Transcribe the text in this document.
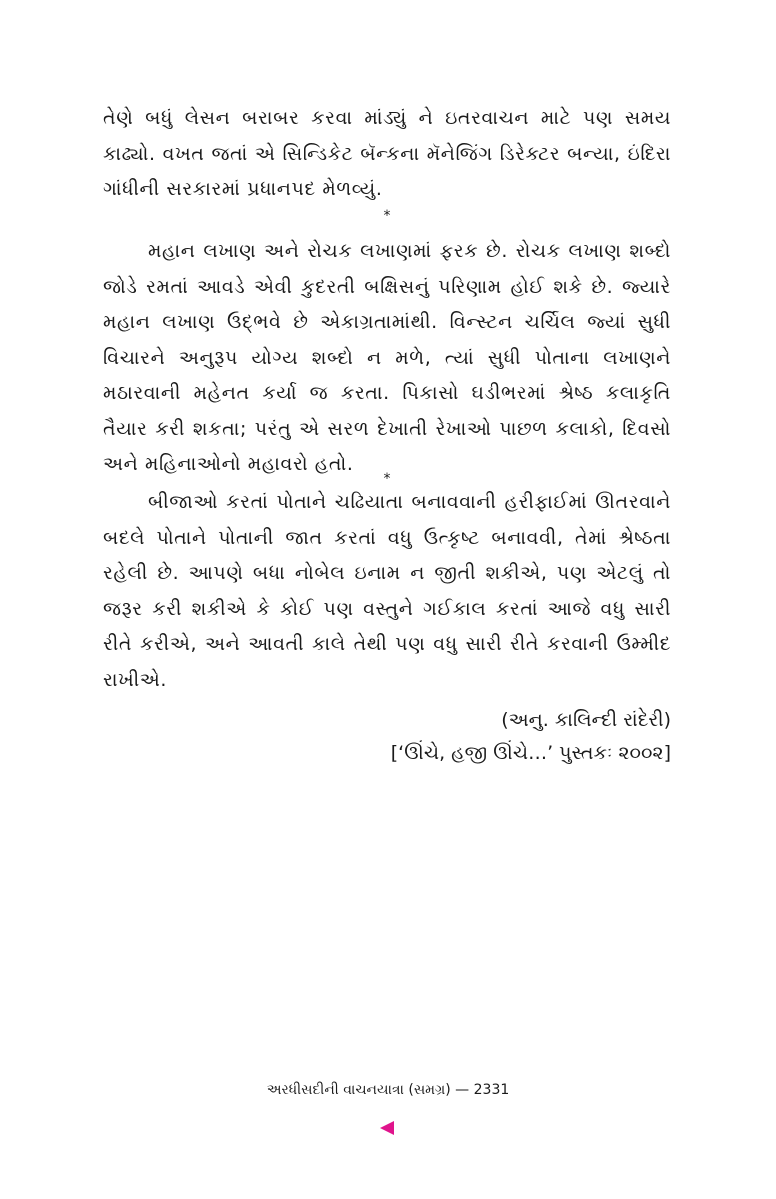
તેણે બધું લેસન બરાબર કરવા માંડ્યું ને ઇતરવાચન માટે પણ સમય કાઢ્યો. વખત જતાં એ સિન્ડિકેટ બૅન્કના મૅનેજિંગ ડિરેક્ટર બન્યા, ઇંદિરા ગાંધીની સરકારમાં પ્રધાનપદ મેળવ્યું.

*

મહાન લખાણ અને રોચક લખાણમાં ફરક છે. રોચક લખાણ શબ્દો જોડે રમતાં આવડે એવી કુદરતી બક્ષિસનું પરિણામ હોઈ શકે છે. જ્યારે મહાન લખાણ ઉદ્ભવે છે એકાગ્રતામાંથી. વિન્સ્ટન ચર્ચિલ જ્યાં સુધી વિચારને અનુરૂપ યોગ્ય શબ્દો ન મળે, ત્યાં સુધી પોતાના લખાણને મઠારવાની મહેનત કર્યા જ કરતા. પિકાસો ઘડીભરમાં શ્રેષ્ઠ કલાકૃતિ તૈયાર કરી શકતા; પરંતુ એ સરળ દેખાતી રેખાઓ પાછળ કલાકો, દિવસો અને મહિનાઓનો મહાવરો હતો.

*

બીજાઓ કરતાં પોતાને ચઢિયાતા બનાવવાની હરીફાઈમાં ઊતરવાને બદલે પોતાને પોતાની જાત કરતાં વધુ ઉત્કૃષ્ટ બનાવવી, તેમાં શ્રેષ્ઠતા રહેલી છે. આપણે બધા નોબેલ ઇનામ ન જીતી શકીએ, પણ એટલું તો જરૂર કરી શકીએ કે કોઈ પણ વસ્તુને ગઈકાલ કરતાં આજે વધુ સારી રીતે કરીએ, અને આવતી કાલે તેથી પણ વધુ સારી રીતે કરવાની ઉમ્મીદ રાખીએ.

(અનુ. કાલિન્દી રાંદેરી)
[‘ઊંચે, હજી ઊંચે…’ પુસ્તકઃ ૨૦૦૨]
અરધીસદીની વાચનયાત્રા (સમગ્ર) — 2331
